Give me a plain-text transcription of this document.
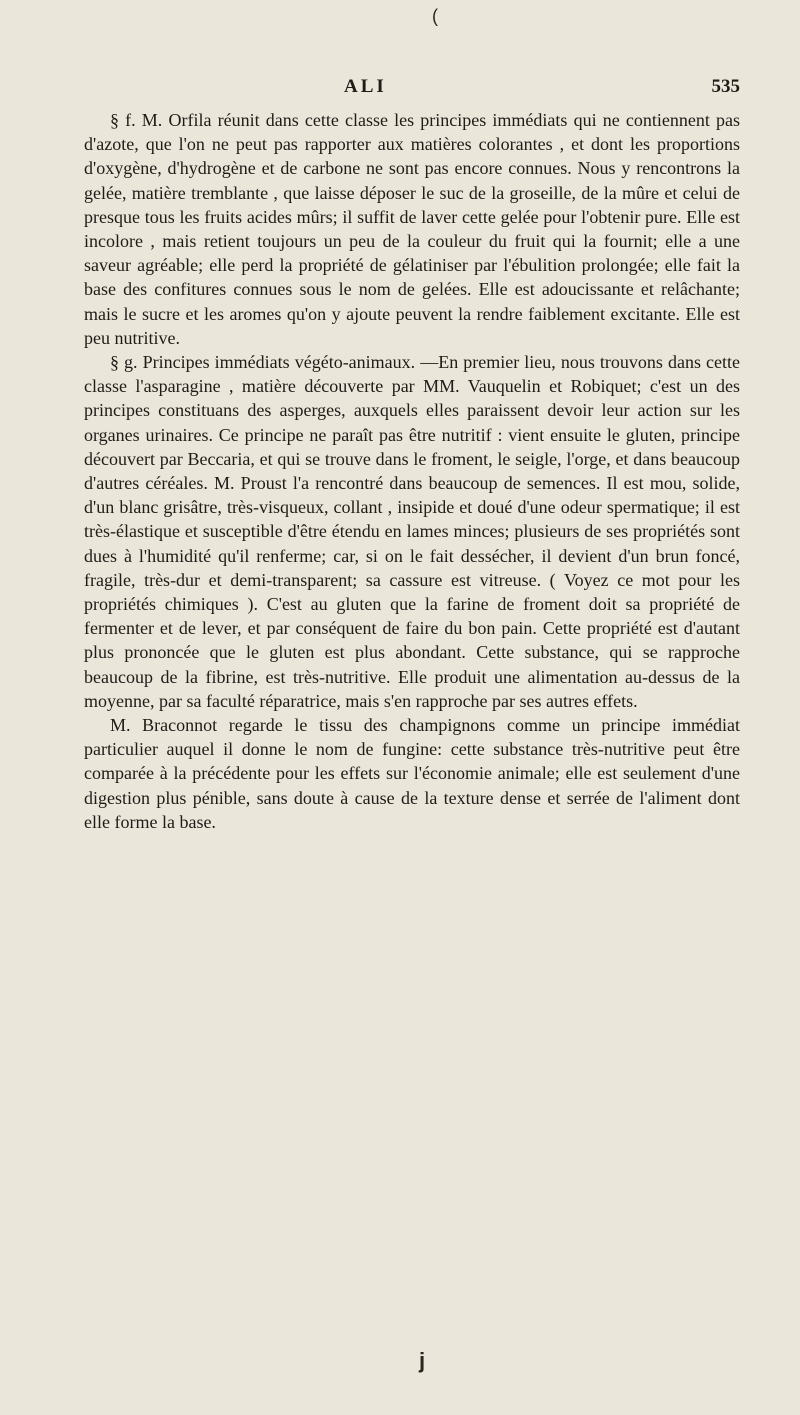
(
ALI	535

§ f. M. Orfila réunit dans cette classe les principes immédiats qui ne contiennent pas d'azote, que l'on ne peut pas rapporter aux matières colorantes , et dont les proportions d'oxygène, d'hydrogène et de carbone ne sont pas encore connues. Nous y rencontrons la gelée, matière tremblante , que laisse déposer le suc de la groseille, de la mûre et celui de presque tous les fruits acides mûrs; il suffit de laver cette gelée pour l'obtenir pure. Elle est incolore , mais retient toujours un peu de la couleur du fruit qui la fournit; elle a une saveur agréable; elle perd la propriété de gélatiniser par l'ébulition prolongée; elle fait la base des confitures connues sous le nom de gelées. Elle est adoucissante et relâchante; mais le sucre et les aromes qu'on y ajoute peuvent la rendre faiblement excitante. Elle est peu nutritive.

§ g. Principes immédiats végéto-animaux. —En premier lieu, nous trouvons dans cette classe l'asparagine , matière découverte par MM. Vauquelin et Robiquet; c'est un des principes constituans des asperges, auxquels elles paraissent devoir leur action sur les organes urinaires. Ce principe ne paraît pas être nutritif : vient ensuite le gluten, principe découvert par Beccaria, et qui se trouve dans le froment, le seigle, l'orge, et dans beaucoup d'autres céréales. M. Proust l'a rencontré dans beaucoup de semences. Il est mou, solide, d'un blanc grisâtre, très-visqueux, collant , insipide et doué d'une odeur spermatique; il est très-élastique et susceptible d'être étendu en lames minces; plusieurs de ses propriétés sont dues à l'humidité qu'il renferme; car, si on le fait dessécher, il devient d'un brun foncé, fragile, très-dur et demi-transparent; sa cassure est vitreuse. ( Voyez ce mot pour les propriétés chimiques ). C'est au gluten que la farine de froment doit sa propriété de fermenter et de lever, et par conséquent de faire du bon pain. Cette propriété est d'autant plus prononcée que le gluten est plus abondant. Cette substance, qui se rapproche beaucoup de la fibrine, est très-nutritive. Elle produit une alimentation au-dessus de la moyenne, par sa faculté réparatrice, mais s'en rapproche par ses autres effets.

M. Braconnot regarde le tissu des champignons comme un principe immédiat particulier auquel il donne le nom de fungine: cette substance très-nutritive peut être comparée à la précédente pour les effets sur l'économie animale; elle est seulement d'une digestion plus pénible, sans doute à cause de la texture dense et serrée de l'aliment dont elle forme la base.

j
